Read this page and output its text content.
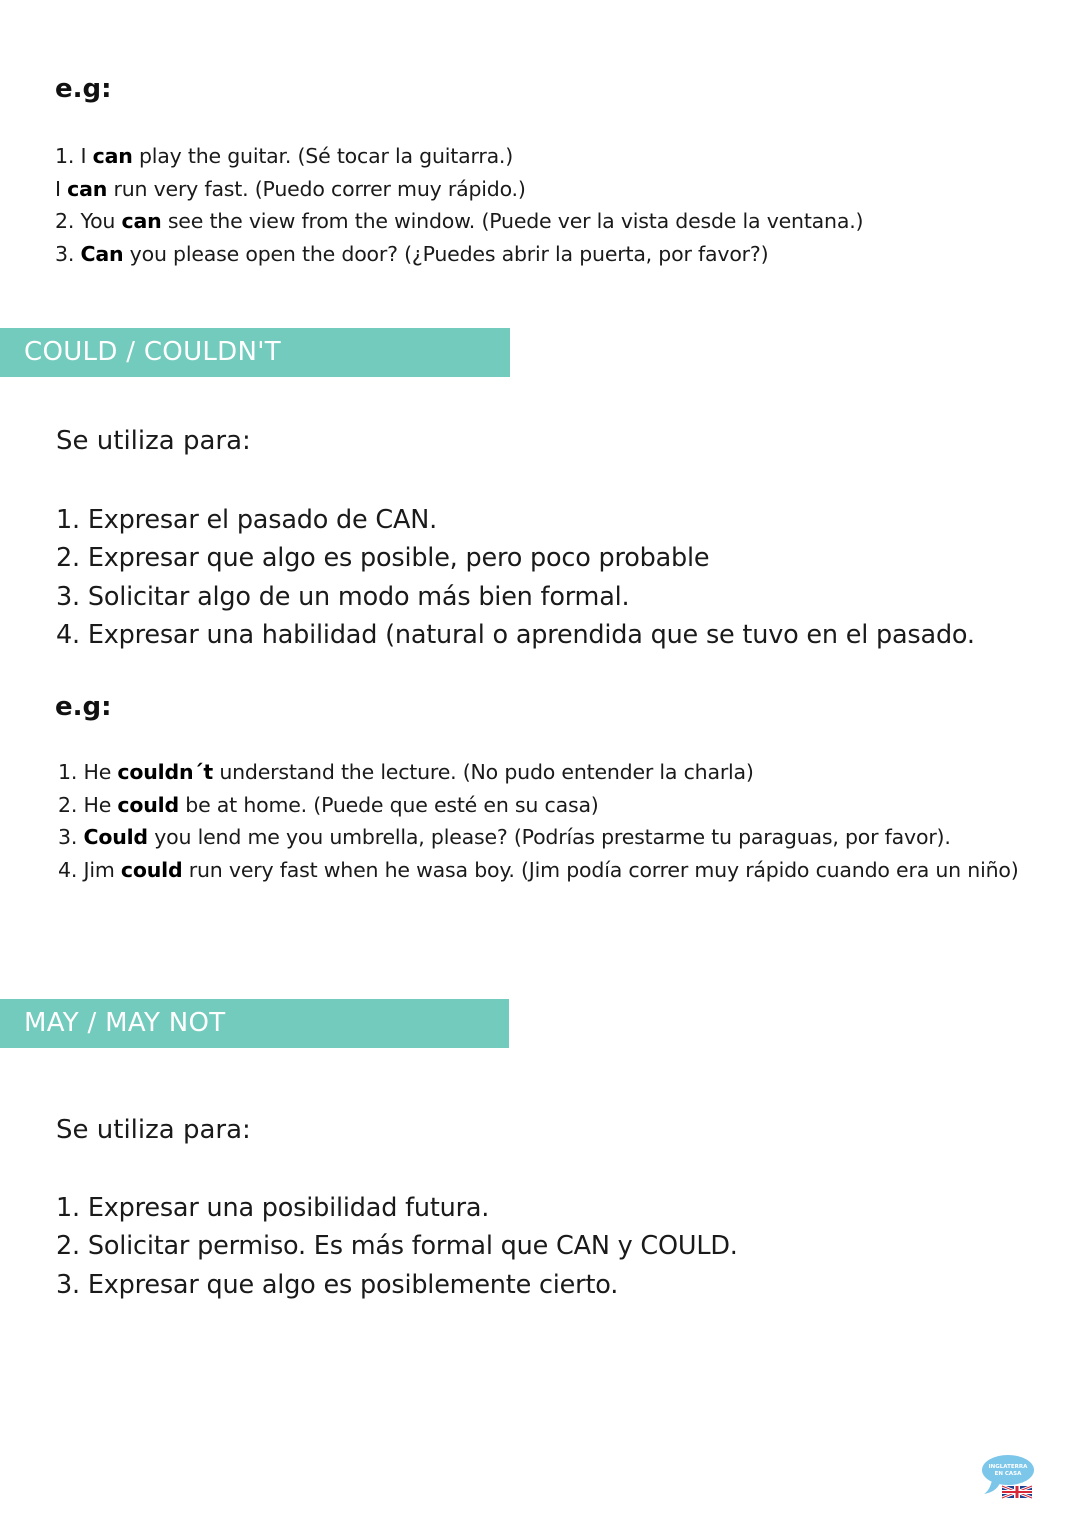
e.g:
1. I can play the guitar. (Sé tocar la guitarra.)
I can run very fast. (Puedo correr muy rápido.)
2. You can see the view from the window. (Puede ver la vista desde la ventana.)
3. Can you please open the door? (¿Puedes abrir la puerta, por favor?)
COULD / COULDN'T
Se utiliza para:
1. Expresar el pasado de CAN.
2. Expresar que algo es posible, pero poco probable
3. Solicitar algo de un modo más bien formal.
4. Expresar una habilidad (natural o aprendida que se tuvo en el pasado.
e.g:
1. He couldn´t understand the lecture. (No pudo entender la charla)
2. He could be at home. (Puede que esté en su casa)
3. Could you lend me you umbrella, please? (Podrías prestarme tu paraguas, por favor).
4. Jim could run very fast when he wasa boy. (Jim podía correr muy rápido cuando era un niño)
MAY / MAY NOT
Se utiliza para:
1. Expresar una posibilidad futura.
2. Solicitar permiso. Es más formal que CAN y COULD.
3. Expresar que algo es posiblemente cierto.
INGLATERRA
EN CASA
